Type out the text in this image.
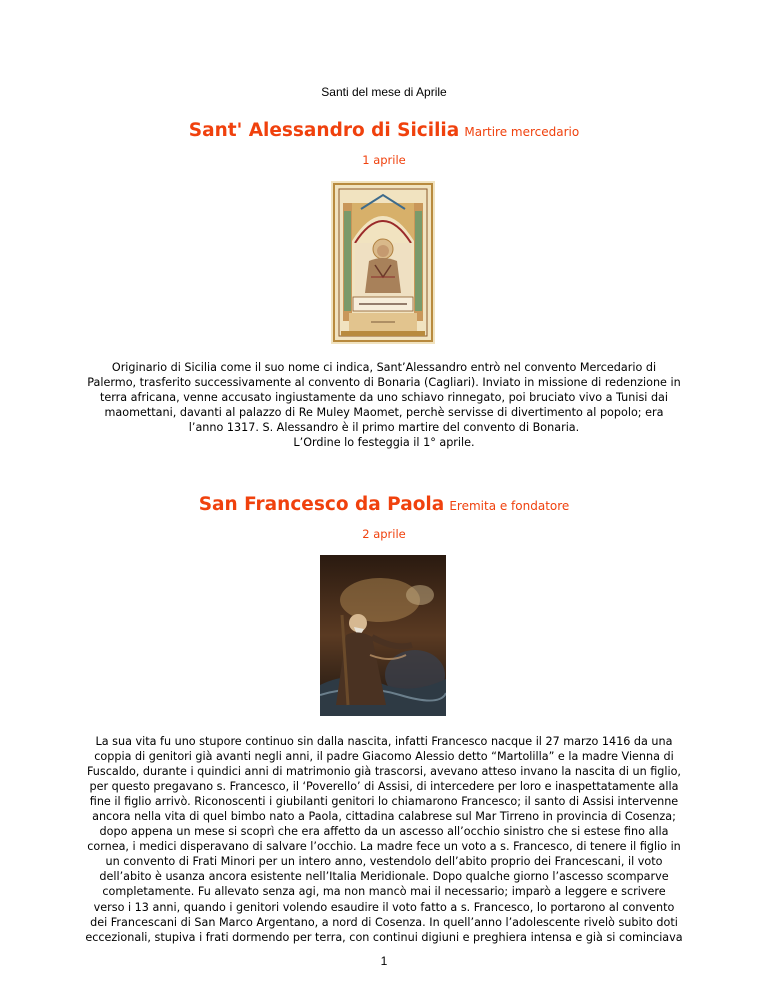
Santi del mese di Aprile
Sant' Alessandro di Sicilia Martire mercedario
1 aprile
Originario di Sicilia come il suo nome ci indica, Sant’Alessandro entrò nel convento Mercedario di
Palermo, trasferito successivamente al convento di Bonaria (Cagliari). Inviato in missione di redenzione in
terra africana, venne accusato ingiustamente da uno schiavo rinnegato, poi bruciato vivo a Tunisi dai
maomettani, davanti al palazzo di Re Muley Maomet, perchè servisse di divertimento al popolo; era
l’anno 1317. S. Alessandro è il primo martire del convento di Bonaria.
L’Ordine lo festeggia il 1° aprile.
San Francesco da Paola Eremita e fondatore
2 aprile
La sua vita fu uno stupore continuo sin dalla nascita, infatti Francesco nacque il 27 marzo 1416 da una
coppia di genitori già avanti negli anni, il padre Giacomo Alessio detto “Martolilla” e la madre Vienna di
Fuscaldo, durante i quindici anni di matrimonio già trascorsi, avevano atteso invano la nascita di un figlio,
per questo pregavano s. Francesco, il ‘Poverello’ di Assisi, di intercedere per loro e inaspettatamente alla
fine il figlio arrivò. Riconoscenti i giubilanti genitori lo chiamarono Francesco; il santo di Assisi intervenne
ancora nella vita di quel bimbo nato a Paola, cittadina calabrese sul Mar Tirreno in provincia di Cosenza;
dopo appena un mese si scoprì che era affetto da un ascesso all’occhio sinistro che si estese fino alla
cornea, i medici disperavano di salvare l’occhio. La madre fece un voto a s. Francesco, di tenere il figlio in
un convento di Frati Minori per un intero anno, vestendolo dell’abito proprio dei Francescani, il voto
dell’abito è usanza ancora esistente nell’Italia Meridionale. Dopo qualche giorno l’ascesso scomparve
completamente. Fu allevato senza agi, ma non mancò mai il necessario; imparò a leggere e scrivere
verso i 13 anni, quando i genitori volendo esaudire il voto fatto a s. Francesco, lo portarono al convento
dei Francescani di San Marco Argentano, a nord di Cosenza. In quell’anno l’adolescente rivelò subito doti
eccezionali, stupiva i frati dormendo per terra, con continui digiuni e preghiera intensa e già si cominciava
1
